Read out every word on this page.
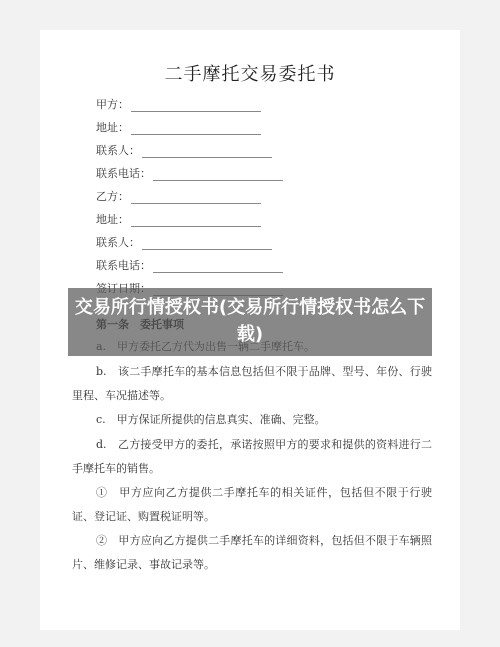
二手摩托交易委托书
甲方：
地址：
联系人：
联系电话：
乙方：
地址：
联系人：
联系电话：
b.　该二手摩托车的基本信息包括但不限于品牌、型号、年份、行驶里程、车况描述等。
c.　甲方保证所提供的信息真实、准确、完整。
d.　乙方接受甲方的委托，承诺按照甲方的要求和提供的资料进行二手摩托车的销售。
①　甲方应向乙方提供二手摩托车的相关证件，包括但不限于行驶证、登记证、购置税证明等。
②　甲方应向乙方提供二手摩托车的详细资料，包括但不限于车辆照片、维修记录、事故记录等。
交易所行情授权书(交易所行情授权书怎么下载)
